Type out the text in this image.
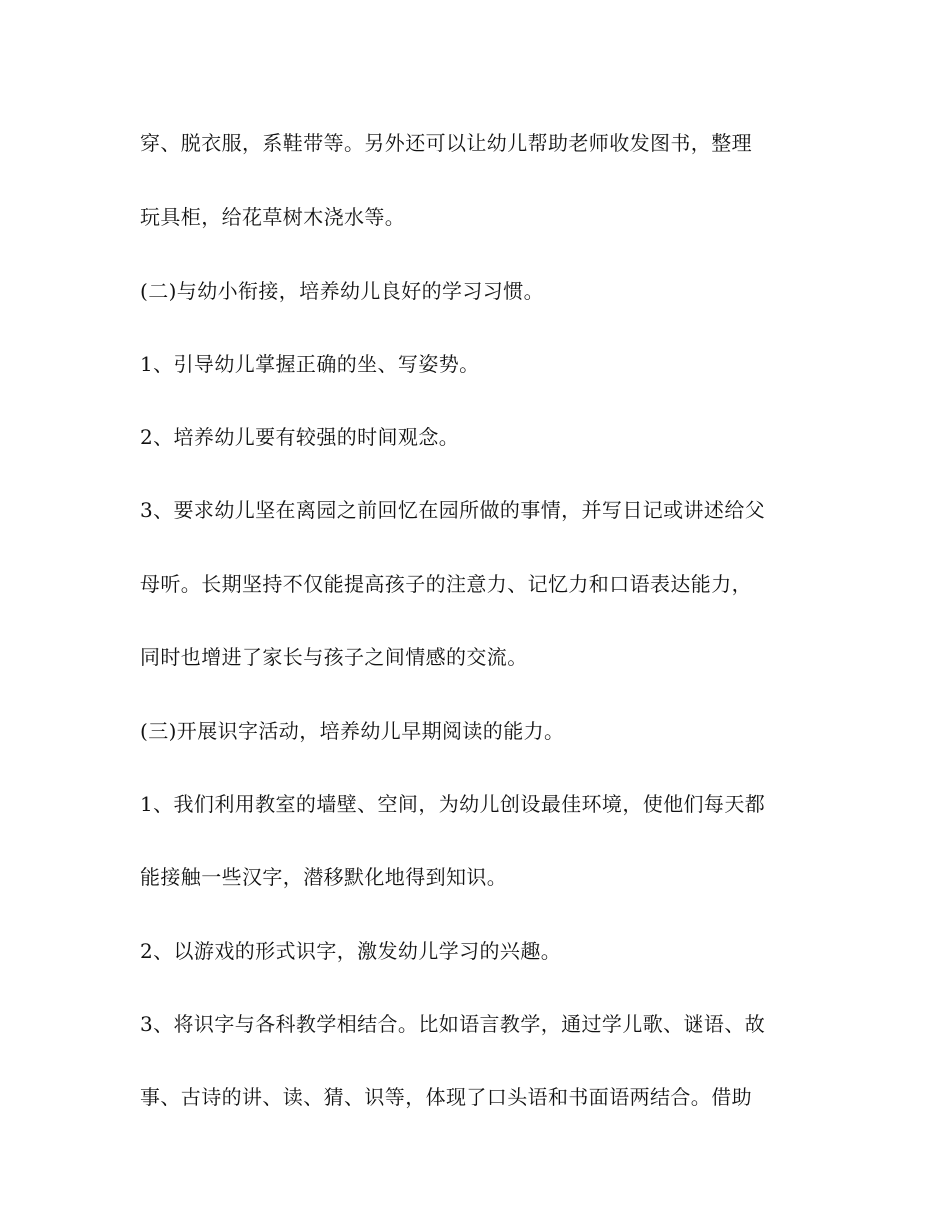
穿、脱衣服，系鞋带等。另外还可以让幼儿帮助老师收发图书，整理

玩具柜，给花草树木浇水等。

(二)与幼小衔接，培养幼儿良好的学习习惯。

1、引导幼儿掌握正确的坐、写姿势。

2、培养幼儿要有较强的时间观念。

3、要求幼儿坚在离园之前回忆在园所做的事情，并写日记或讲述给父

母听。长期坚持不仅能提高孩子的注意力、记忆力和口语表达能力，

同时也增进了家长与孩子之间情感的交流。

(三)开展识字活动，培养幼儿早期阅读的能力。

1、我们利用教室的墙壁、空间，为幼儿创设最佳环境，使他们每天都

能接触一些汉字，潜移默化地得到知识。

2、以游戏的形式识字，激发幼儿学习的兴趣。

3、将识字与各科教学相结合。比如语言教学，通过学儿歌、谜语、故

事、古诗的讲、读、猜、识等，体现了口头语和书面语两结合。借助
